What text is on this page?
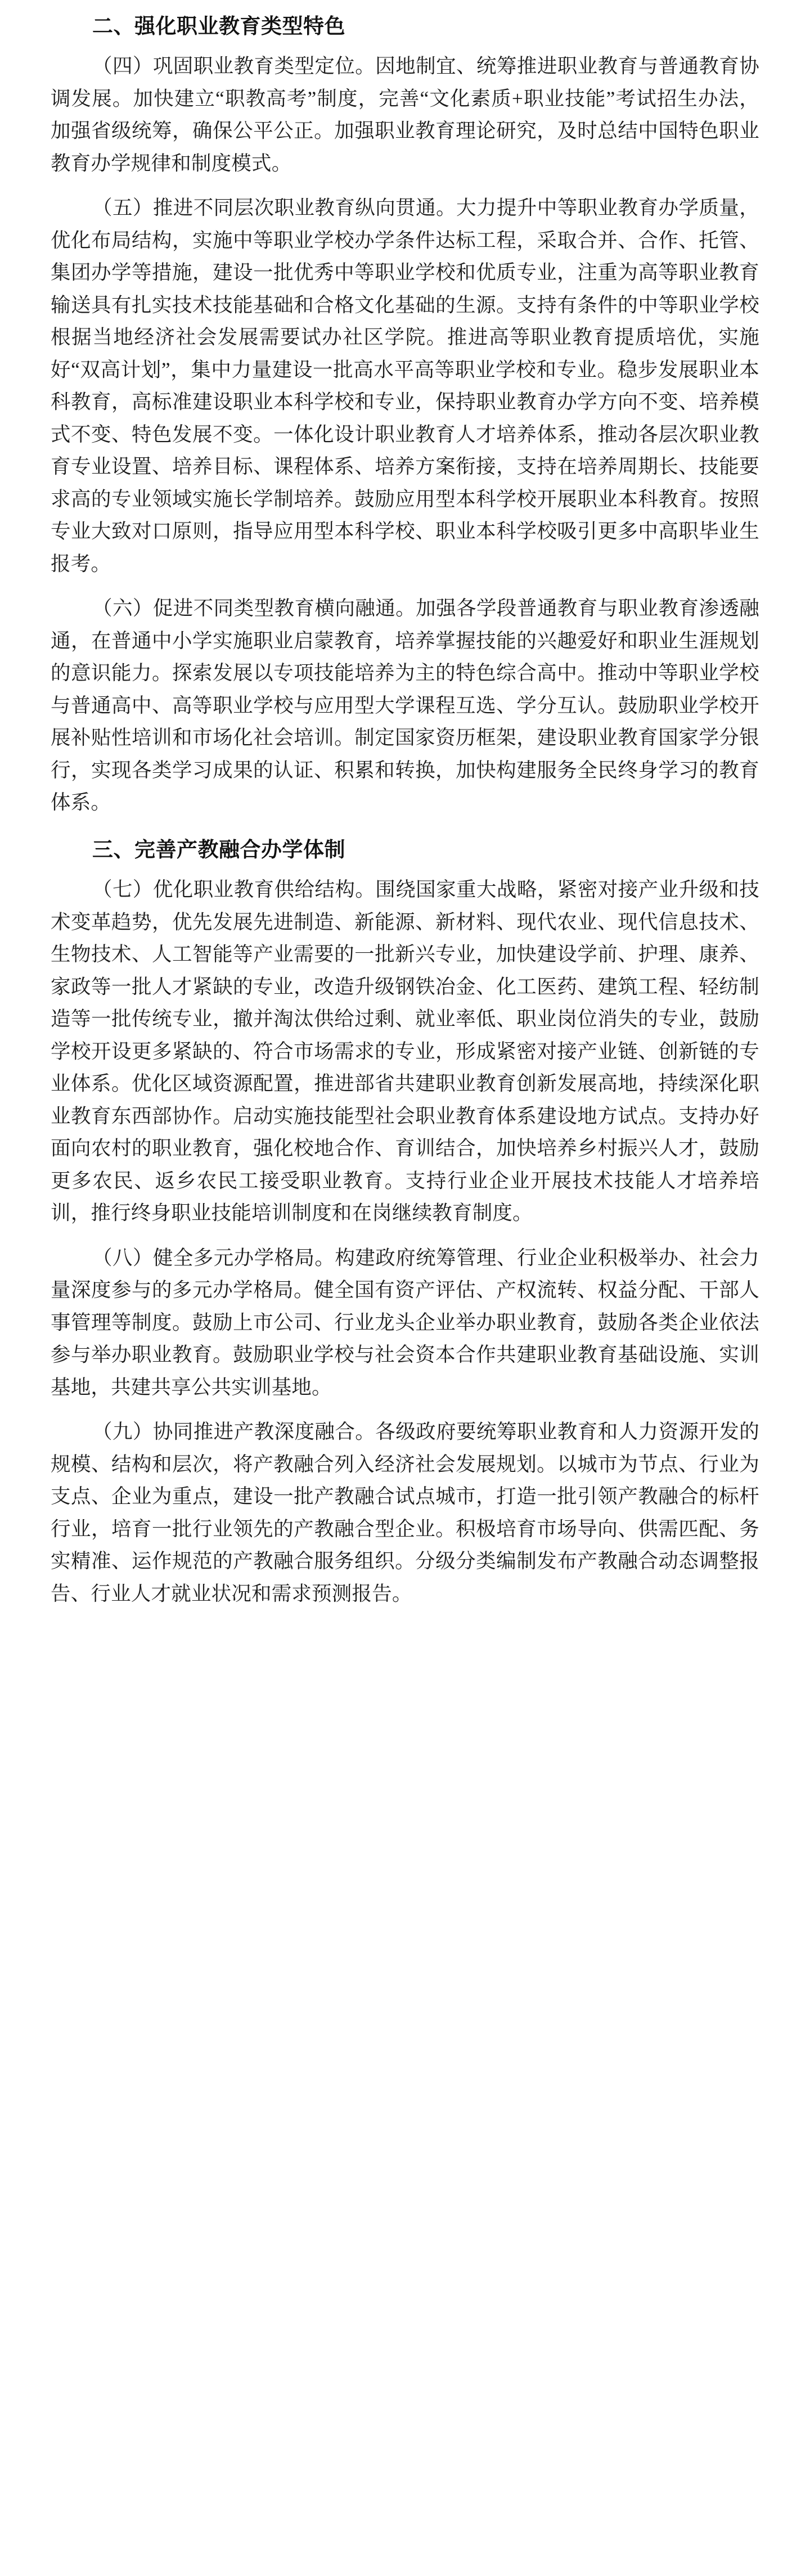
二、强化职业教育类型特色

（四）巩固职业教育类型定位。因地制宜、统筹推进职业教育与普通教育协调发展。加快建立“职教高考”制度，完善“文化素质+职业技能”考试招生办法，加强省级统筹，确保公平公正。加强职业教育理论研究，及时总结中国特色职业教育办学规律和制度模式。

（五）推进不同层次职业教育纵向贯通。大力提升中等职业教育办学质量，优化布局结构，实施中等职业学校办学条件达标工程，采取合并、合作、托管、集团办学等措施，建设一批优秀中等职业学校和优质专业，注重为高等职业教育输送具有扎实技术技能基础和合格文化基础的生源。支持有条件的中等职业学校根据当地经济社会发展需要试办社区学院。推进高等职业教育提质培优，实施好“双高计划”，集中力量建设一批高水平高等职业学校和专业。稳步发展职业本科教育，高标准建设职业本科学校和专业，保持职业教育办学方向不变、培养模式不变、特色发展不变。一体化设计职业教育人才培养体系，推动各层次职业教育专业设置、培养目标、课程体系、培养方案衔接，支持在培养周期长、技能要求高的专业领域实施长学制培养。鼓励应用型本科学校开展职业本科教育。按照专业大致对口原则，指导应用型本科学校、职业本科学校吸引更多中高职毕业生报考。

（六）促进不同类型教育横向融通。加强各学段普通教育与职业教育渗透融通，在普通中小学实施职业启蒙教育，培养掌握技能的兴趣爱好和职业生涯规划的意识能力。探索发展以专项技能培养为主的特色综合高中。推动中等职业学校与普通高中、高等职业学校与应用型大学课程互选、学分互认。鼓励职业学校开展补贴性培训和市场化社会培训。制定国家资历框架，建设职业教育国家学分银行，实现各类学习成果的认证、积累和转换，加快构建服务全民终身学习的教育体系。

三、完善产教融合办学体制

（七）优化职业教育供给结构。围绕国家重大战略，紧密对接产业升级和技术变革趋势，优先发展先进制造、新能源、新材料、现代农业、现代信息技术、生物技术、人工智能等产业需要的一批新兴专业，加快建设学前、护理、康养、家政等一批人才紧缺的专业，改造升级钢铁冶金、化工医药、建筑工程、轻纺制造等一批传统专业，撤并淘汰供给过剩、就业率低、职业岗位消失的专业，鼓励学校开设更多紧缺的、符合市场需求的专业，形成紧密对接产业链、创新链的专业体系。优化区域资源配置，推进部省共建职业教育创新发展高地，持续深化职业教育东西部协作。启动实施技能型社会职业教育体系建设地方试点。支持办好面向农村的职业教育，强化校地合作、育训结合，加快培养乡村振兴人才，鼓励更多农民、返乡农民工接受职业教育。支持行业企业开展技术技能人才培养培训，推行终身职业技能培训制度和在岗继续教育制度。

（八）健全多元办学格局。构建政府统筹管理、行业企业积极举办、社会力量深度参与的多元办学格局。健全国有资产评估、产权流转、权益分配、干部人事管理等制度。鼓励上市公司、行业龙头企业举办职业教育，鼓励各类企业依法参与举办职业教育。鼓励职业学校与社会资本合作共建职业教育基础设施、实训基地，共建共享公共实训基地。

（九）协同推进产教深度融合。各级政府要统筹职业教育和人力资源开发的规模、结构和层次，将产教融合列入经济社会发展规划。以城市为节点、行业为支点、企业为重点，建设一批产教融合试点城市，打造一批引领产教融合的标杆行业，培育一批行业领先的产教融合型企业。积极培育市场导向、供需匹配、务实精准、运作规范的产教融合服务组织。分级分类编制发布产教融合动态调整报告、行业人才就业状况和需求预测报告。
